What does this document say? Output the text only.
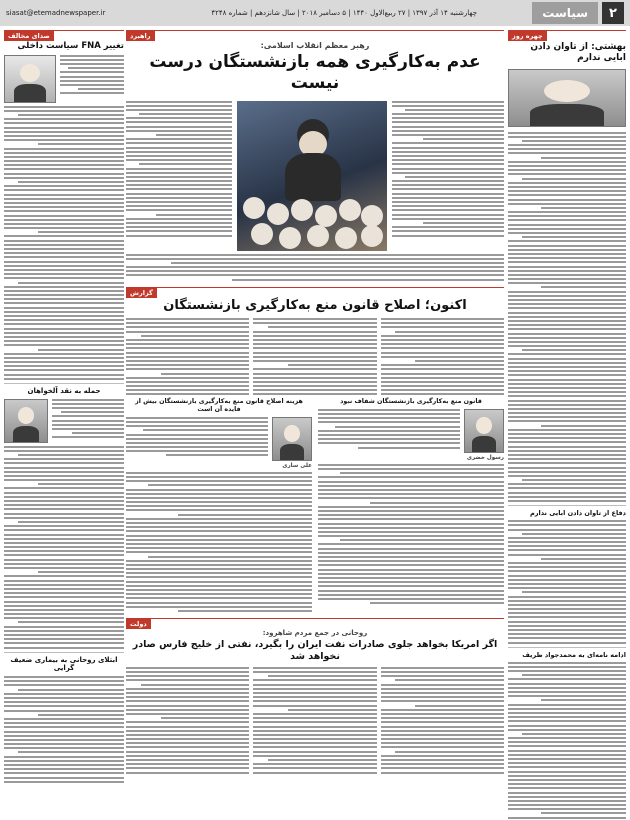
siasat@etemadnewspaper.ir	چهارشنبه ۱۴ آذر ۱۳۹۷ | ۲۷ ربیع‌الاول ۱۴۴۰ | ۵ دسامبر ۲۰۱۸ | سال شانزدهم | شماره ۴۲۴۸	سیاست	۲
چهره روز
بهشتی: از تاوان دادن ابایی ندارم
دفاع از تاوان دادن ابایی ندارم
ادامه نامه‌ای به محمدجواد ظریف
راهبرد
رهبر معظم انقلاب اسلامی:
عدم به‌کارگیری همه بازنشستگان درست نیست
گزارش
اکنون؛ اصلاح قانون منع به‌کارگیری بازنشستگان
قانون منع به‌کارگیری بازنشستگان شفاف نبود
رسول خضری
هزینه اصلاح قانون منع به‌کارگیری بازنشستگان بیش از فایده آن است
علی ساری
دولت
روحانی در جمع مردم شاهرود:
اگر امریکا بخواهد جلوی صادرات نفت ایران را بگیرد، نفتی از خلیج فارس صادر نخواهد شد
صدای مخالف
تغییر FNA سیاست داخلی
حمله به نقد آلخواهان
ابتلای روحانی به بیماری ضعیف‌ گرایی
